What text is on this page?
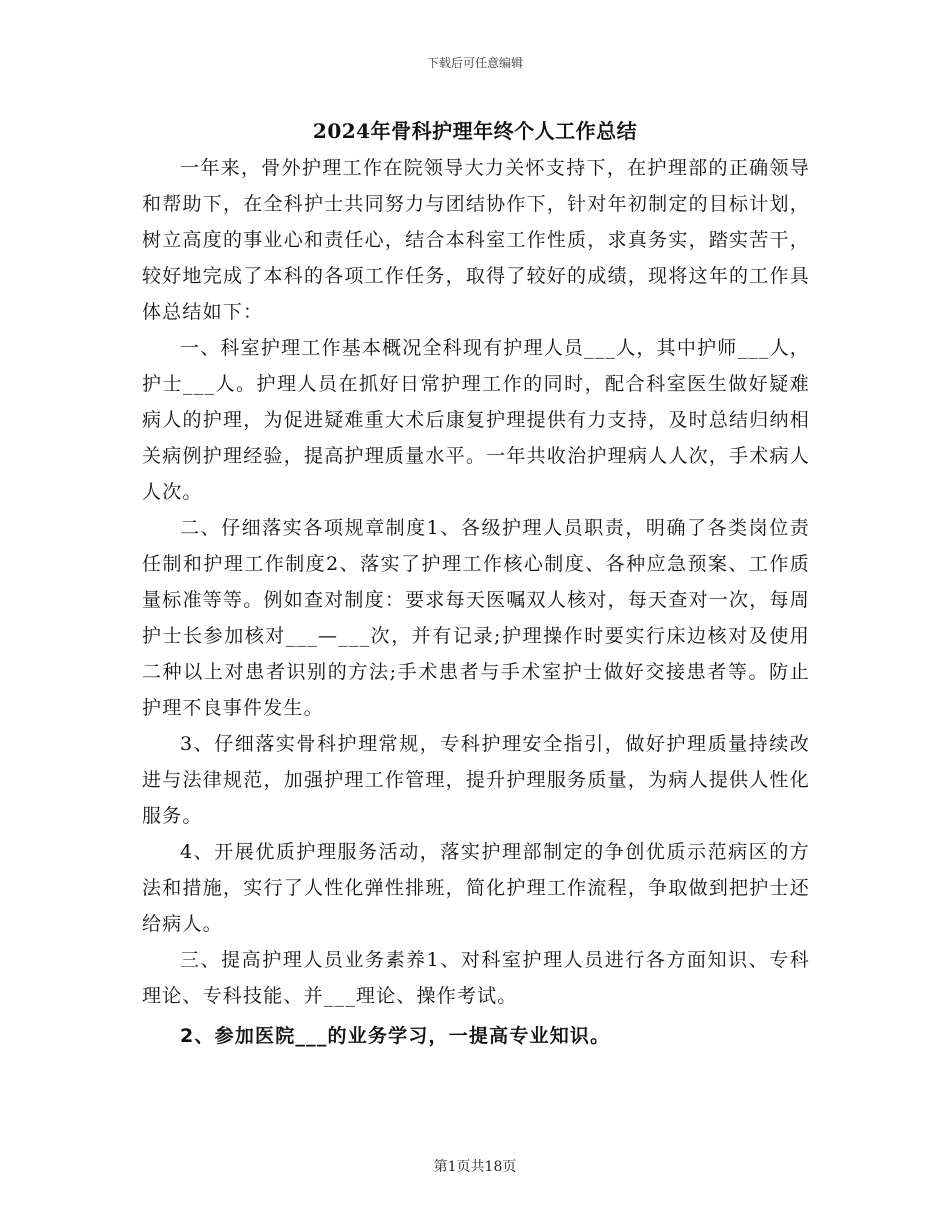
下载后可任意编辑
2024年骨科护理年终个人工作总结

一年来，骨外护理工作在院领导大力关怀支持下，在护理部的正确领导和帮助下，在全科护士共同努力与团结协作下，针对年初制定的目标计划，树立高度的事业心和责任心，结合本科室工作性质，求真务实，踏实苦干，较好地完成了本科的各项工作任务，取得了较好的成绩，现将这年的工作具体总结如下：

一、科室护理工作基本概况全科现有护理人员___人，其中护师___人，护士___人。护理人员在抓好日常护理工作的同时，配合科室医生做好疑难病人的护理，为促进疑难重大术后康复护理提供有力支持，及时总结归纳相关病例护理经验，提高护理质量水平。一年共收治护理病人人次，手术病人人次。

二、仔细落实各项规章制度1、各级护理人员职责，明确了各类岗位责任制和护理工作制度2、落实了护理工作核心制度、各种应急预案、工作质量标准等等。例如查对制度：要求每天医嘱双人核对，每天查对一次，每周护士长参加核对___—___次，并有记录;护理操作时要实行床边核对及使用二种以上对患者识别的方法;手术患者与手术室护士做好交接患者等。防止护理不良事件发生。

3、仔细落实骨科护理常规，专科护理安全指引，做好护理质量持续改进与法律规范，加强护理工作管理，提升护理服务质量，为病人提供人性化服务。

4、开展优质护理服务活动，落实护理部制定的争创优质示范病区的方法和措施，实行了人性化弹性排班，简化护理工作流程，争取做到把护士还给病人。

三、提高护理人员业务素养1、对科室护理人员进行各方面知识、专科理论、专科技能、并___理论、操作考试。

2、参加医院___的业务学习，一提高专业知识。

第1页共18页
